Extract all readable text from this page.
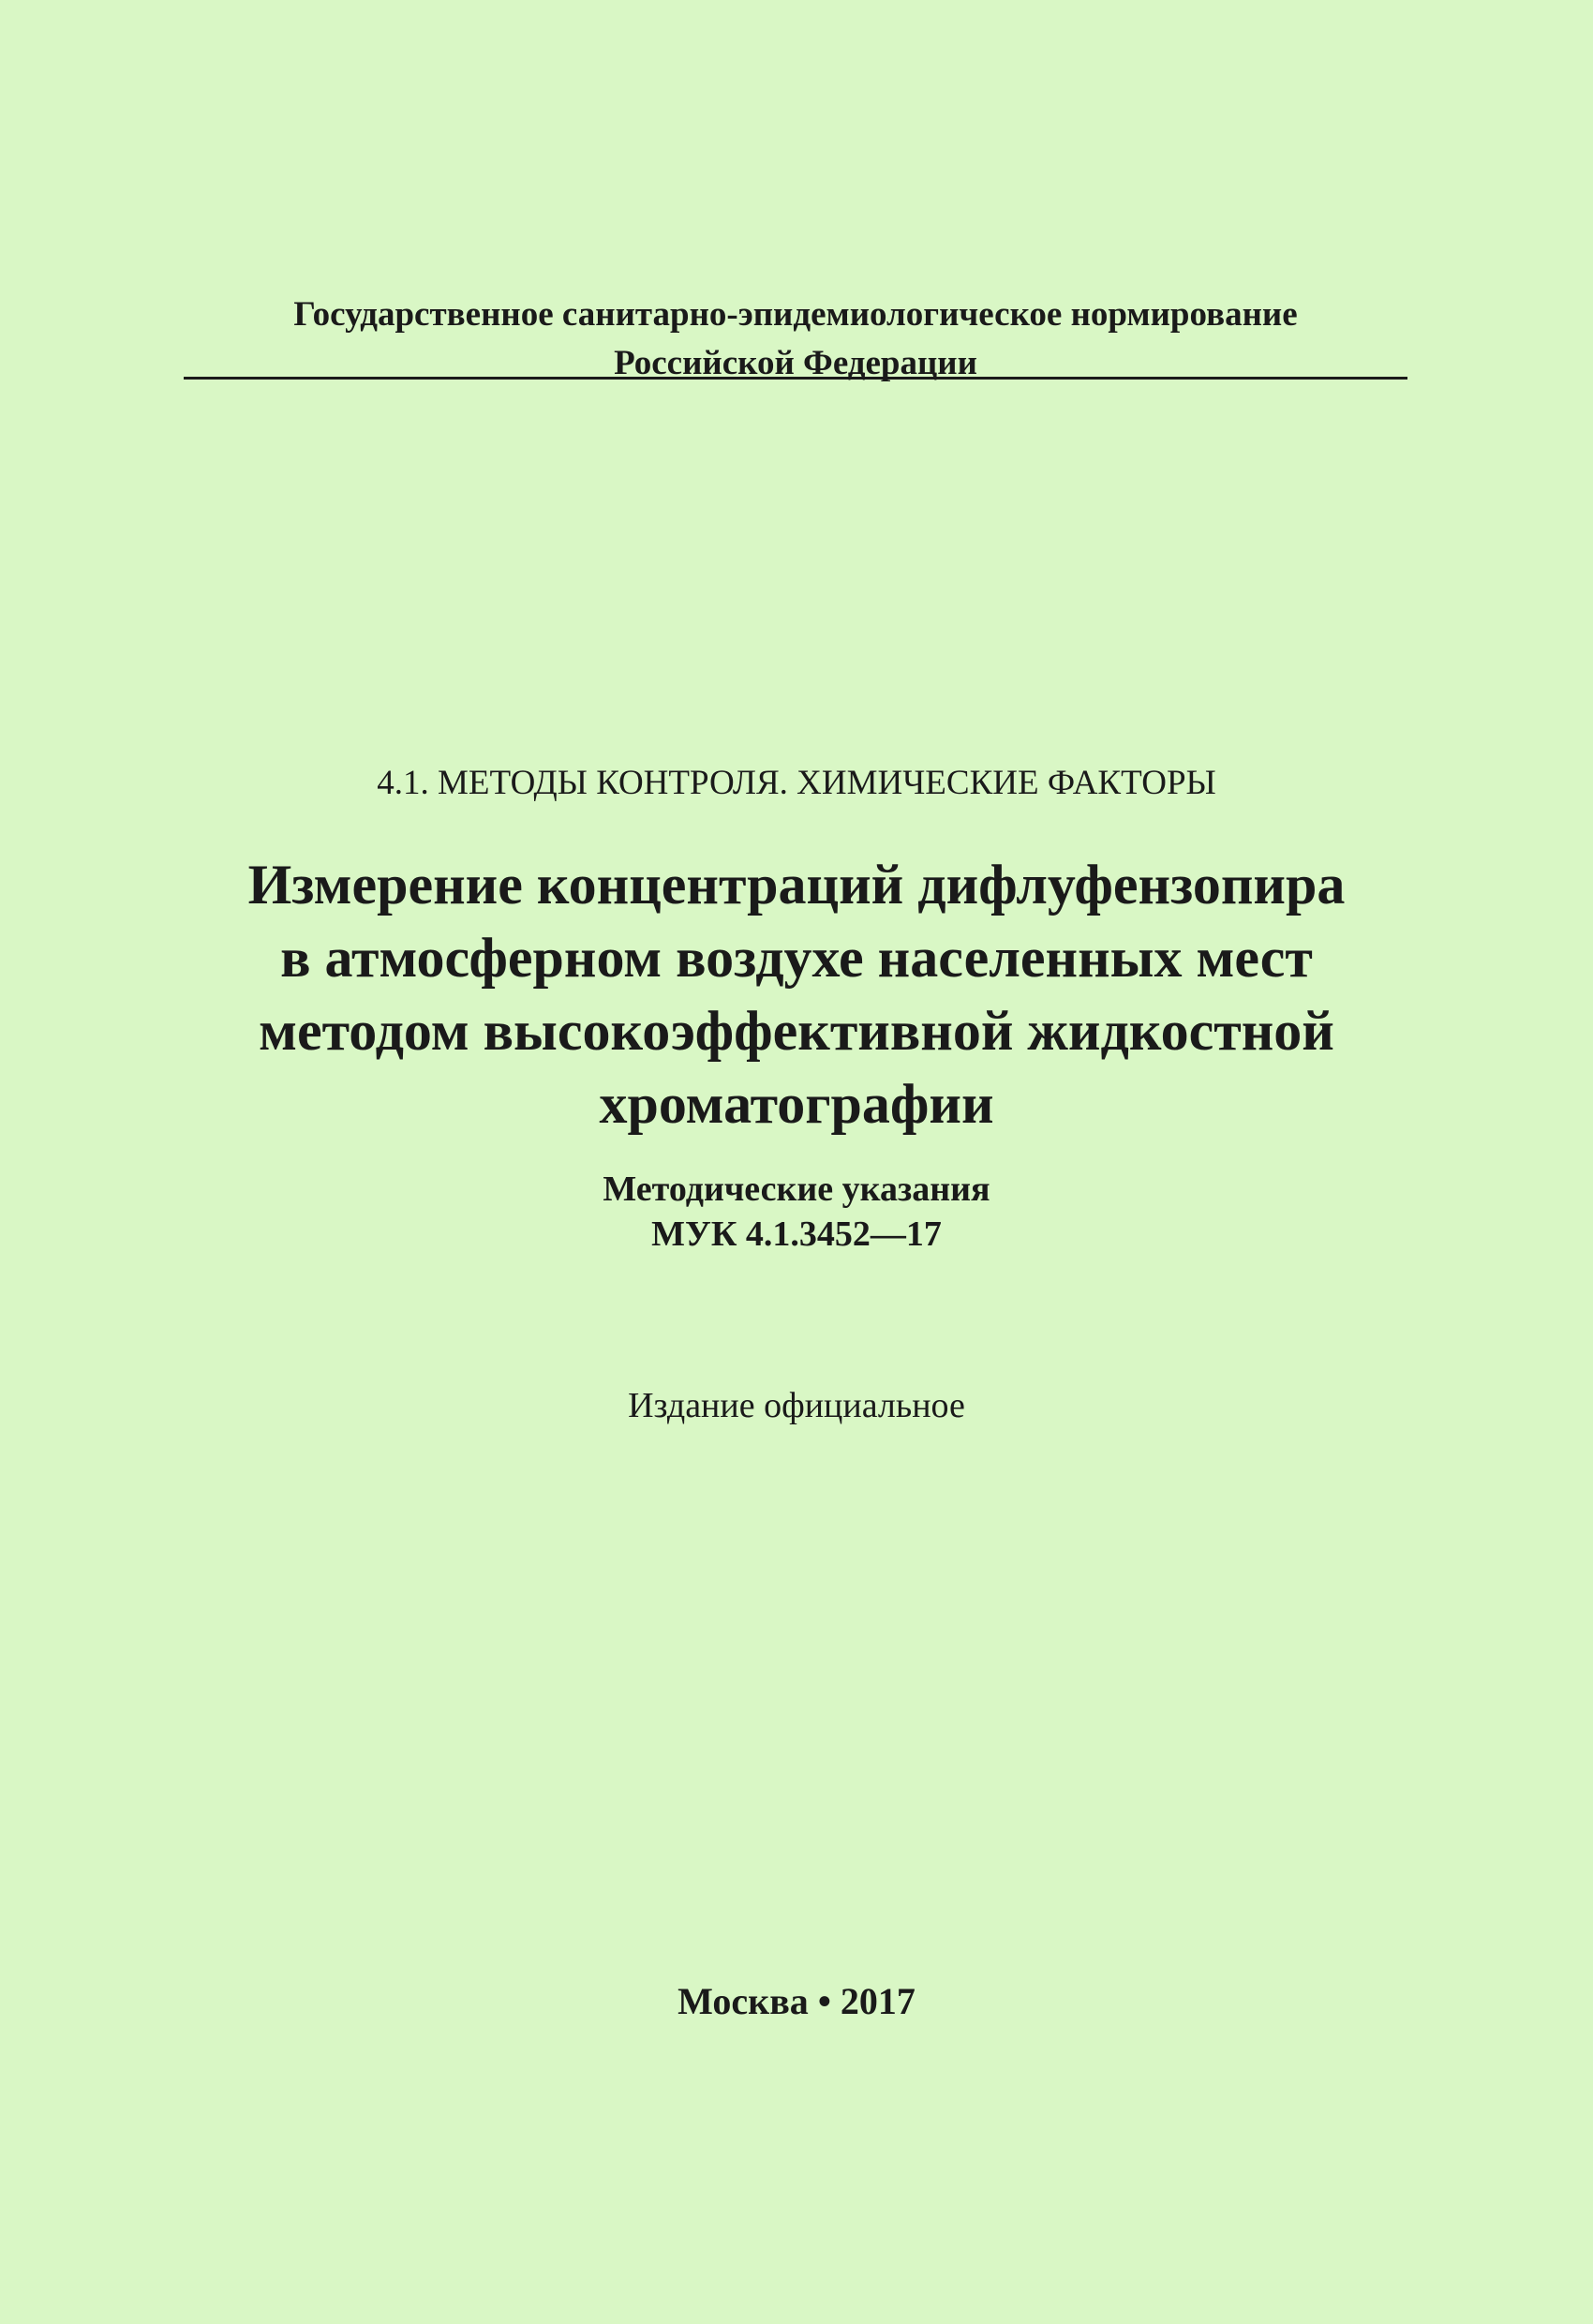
Государственное санитарно-эпидемиологическое нормирование
Российской Федерации
4.1. МЕТОДЫ КОНТРОЛЯ. ХИМИЧЕСКИЕ ФАКТОРЫ
Измерение концентраций дифлуфензопира
в атмосферном воздухе населенных мест
методом высокоэффективной жидкостной
хроматографии
Методические указания
МУК 4.1.3452—17
Издание официальное
Москва • 2017
